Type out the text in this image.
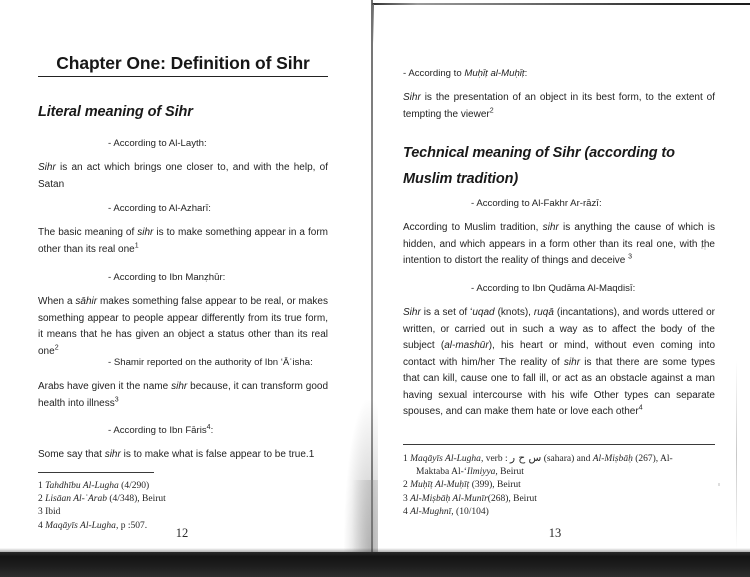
Chapter One: Definition of Sihr
Literal meaning of Sihr
- According to Al-Layth:
Sihr is an act which brings one closer to, and with the help, of Satan
- According to Al-Azharī:
The basic meaning of sihr is to make something appear in a form other than its real one$^1$
- According to Ibn Manẓhūr:
When a sāhir makes something false appear to be real, or makes something appear to people appear differently from its true form, it means that he has given an object a status other than its real one$^2$
- Shamir reported on the authority of Ibn ʻĀʾisha:
Arabs have given it the name sihr because, it can transform good health into illness$^3$
- According to Ibn Fāris$^4$:
Some say that sihr is to make what is false appear to be true.1
1 Tahdhību Al-Lugha (4/290)
2 Lisāan Al-ʿArab (4/348), Beirut
3 Ibid
4 Maqāyīs Al-Lugha, p :507.
12
- According to Muḥīṭ al-Muḥīṭ:
Sihr is the presentation of an object in its best form, to the extent of tempting the viewer$^2$
Technical meaning of Sihr (according to Muslim tradition)
- According to Al-Fakhr Ar-rāzī:
According to Muslim tradition, sihr is anything the cause of which is hidden, and which appears in a form other than its real one, with the intention to distort the reality of things and deceive $^3$
- According to Ibn Qudāma Al-Maqdisī:
Sihr is a set of ʻuqad (knots), ruqā (incantations), and words uttered or written, or carried out in such a way as to affect the body of the subject (al-mashūr), his heart or mind, without even coming into contact with him/her The reality of sihr is that there are some types that can kill, cause one to fall ill, or act as an obstacle against a man having sexual intercourse with his wife Other types can separate spouses, and can make them hate or love each other$^4$
1 Maqāyīs Al-Lugha, verb : س ح ر (sahara) and Al-Miṣbāḥ (267), Al-
Maktaba Al-ʻIlmiyya, Beirut
2 Muḥīṭ Al-Muḥīṭ (399), Beirut
3 Al-Miṣbāḥ Al-Munīr(268), Beirut
4 Al-Mughnī, (10/104)
13
